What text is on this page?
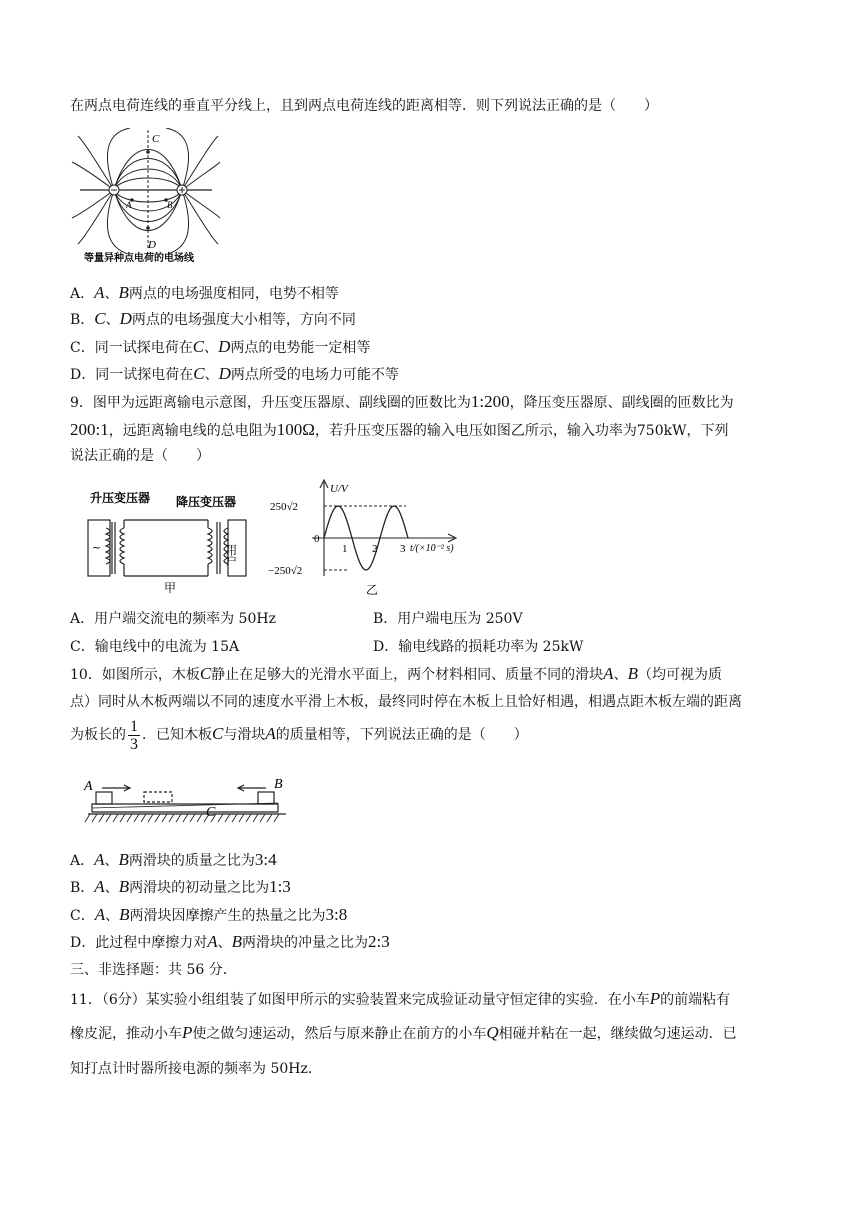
在两点电荷连线的垂直平分线上，且到两点电荷连线的距离相等．则下列说法正确的是（　　）
C
D
A	B
等量异种点电荷的电场线
A．A、B两点的电场强度相同，电势不相等
B．C、D两点的电场强度大小相等，方向不同
C．同一试探电荷在C、D两点的电势能一定相等
D．同一试探电荷在C、D两点所受的电场力可能不等
9．图甲为远距离输电示意图，升压变压器原、副线圈的匝数比为1:200，降压变压器原、副线圈的匝数比为
200:1，远距离输电线的总电阻为100Ω，若升压变压器的输入电压如图乙所示，输入功率为750kW，下列
说法正确的是（　　）
升压变压器 降压变压器
~	用户
甲
U/V
250√2
−250√2
0
1 2 3 t/(×10⁻² s)
乙
A．用户端交流电的频率为 50Hz	B．用户端电压为 250V
C．输电线中的电流为 15A	D．输电线路的损耗功率为 25kW
10．如图所示，木板C静止在足够大的光滑水平面上，两个材料相同、质量不同的滑块A、B（均可视为质
点）同时从木板两端以不同的速度水平滑上木板，最终同时停在木板上且恰好相遇，相遇点距木板左端的距离
为板长的 $\frac{1}{3}$ ．已知木板C与滑块A的质量相等，下列说法正确的是（　　）
A	B
C
A．A、B两滑块的质量之比为3:4
B．A、B两滑块的初动量之比为1:3
C．A、B两滑块因摩擦产生的热量之比为3:8
D．此过程中摩擦力对A、B两滑块的冲量之比为2:3
三、非选择题：共 56 分．
11．（6分）某实验小组组装了如图甲所示的实验装置来完成验证动量守恒定律的实验．在小车P的前端粘有
橡皮泥，推动小车P使之做匀速运动，然后与原来静止在前方的小车Q相碰并粘在一起，继续做匀速运动．已
知打点计时器所接电源的频率为 50Hz．
